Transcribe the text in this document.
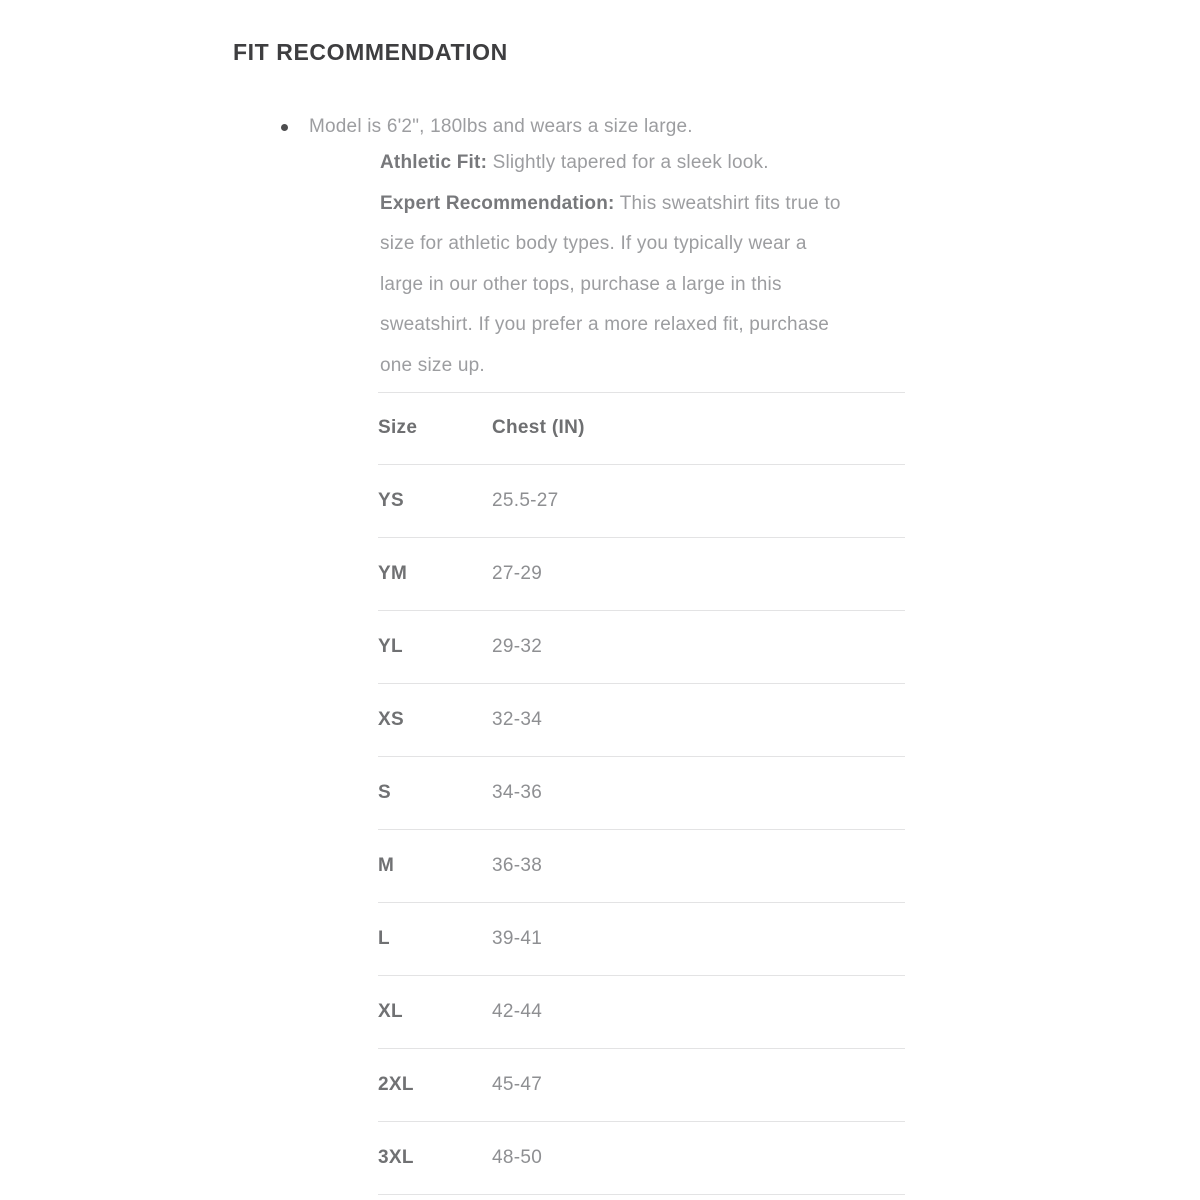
FIT RECOMMENDATION
Model is 6'2", 180lbs and wears a size large.
Athletic Fit: Slightly tapered for a sleek look.
Expert Recommendation: This sweatshirt fits true to
size for athletic body types. If you typically wear a
large in our other tops, purchase a large in this
sweatshirt. If you prefer a more relaxed fit, purchase
one size up.
Size	Chest (IN)
YS	25.5-27
YM	27-29
YL	29-32
XS	32-34
S	34-36
M	36-38
L	39-41
XL	42-44
2XL	45-47
3XL	48-50
